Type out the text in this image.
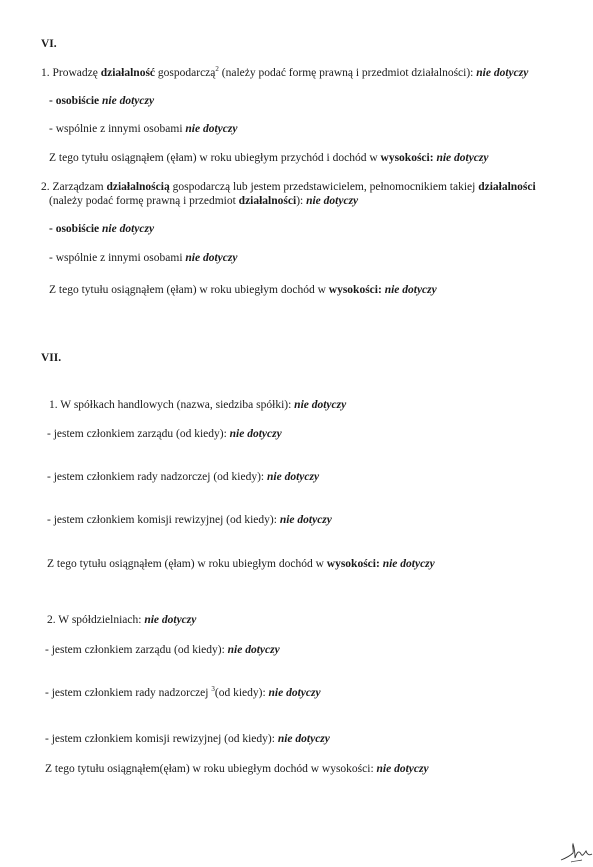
VI.
1. Prowadzę działalność gospodarczą$^2$ (należy podać formę prawną i przedmiot działalności): nie dotyczy
- osobiście nie dotyczy
- wspólnie z innymi osobami nie dotyczy
Z tego tytułu osiągnąłem (ęłam) w roku ubiegłym przychód i dochód w wysokości: nie dotyczy
2. Zarządzam działalnością gospodarczą lub jestem przedstawicielem, pełnomocnikiem takiej działalności
(należy podać formę prawną i przedmiot działalności): nie dotyczy
- osobiście nie dotyczy
- wspólnie z innymi osobami nie dotyczy
Z tego tytułu osiągnąłem (ęłam) w roku ubiegłym dochód w wysokości: nie dotyczy
VII.
1. W spółkach handlowych (nazwa, siedziba spółki): nie dotyczy
- jestem członkiem zarządu (od kiedy): nie dotyczy
- jestem członkiem rady nadzorczej (od kiedy): nie dotyczy
- jestem członkiem komisji rewizyjnej (od kiedy): nie dotyczy
Z tego tytułu osiągnąłem (ęłam) w roku ubiegłym dochód w wysokości: nie dotyczy
2. W spółdzielniach: nie dotyczy
- jestem członkiem zarządu (od kiedy): nie dotyczy
- jestem członkiem rady nadzorczej $^3$(od kiedy): nie dotyczy
- jestem członkiem komisji rewizyjnej (od kiedy): nie dotyczy
Z tego tytułu osiągnąłem(ęłam) w roku ubiegłym dochód w wysokości: nie dotyczy
